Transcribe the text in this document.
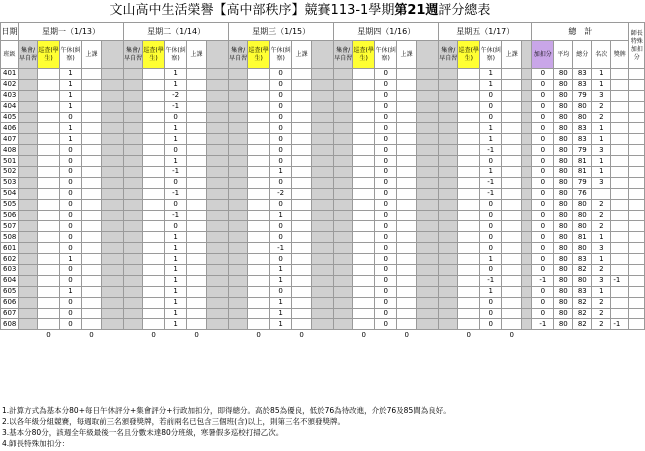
文山高中生活榮譽【高中部秩序】競賽113-1學期第21週評分總表
日期	星期一（1/13）					星期二（1/14）					星期三（1/15）					星期四（1/16）					星期五（1/17）					總　計					師長特殊加扣分
班級	集會/早自習	巡查(學生)	午休(糾察)	上課		集會/早自習	巡查(學生)	午休(糾察)	上課		集會/早自習	巡查(學生)	午休(糾察)	上課		集會/早自習	巡查(學生)	午休(糾察)	上課		集會/早自習	巡查(學生)	午休(糾察)	上課		加扣分	平均	總分	名次	獎牌	
401			1					1					0					0					1			0	80	83	1		
402			1					1					0					0					1			0	80	83	1		
403			1					-2					0					0					0			0	80	79	3		
404			1					-1					0					0					0			0	80	80	2		
405			0					0					0					0					0			0	80	80	2		
406			1					1					0					0					1			0	80	83	1		
407			1					1					0					0					1			0	80	83	1		
408			0					0					0					0					-1			0	80	79	3		
501			0					1					0					0					0			0	80	81	1		
502			0					-1					1					0					1			0	80	81	1		
503			0					0					0					0					-1			0	80	79	3		
504			0					-1					-2					0					-1			0	80	76			
505			0					0					0					0					0			0	80	80	2		
506			0					-1					1					0					0			0	80	80	2		
507			0					0					0					0					0			0	80	80	2		
508			0					1					0					0					0			0	80	81	1		
601			0					1					-1					0					0			0	80	80	3		
602			1					1					0					0					1			0	80	83	1		
603			0					1					1					0					0			0	80	82	2		
604			0					1					1					0					-1			-1	80	80	3	-1	
605			1					1					0					0					1			0	80	83	1		
606			0					1					1					0					0			0	80	82	2		
607			0					1					1					0					0			0	80	82	2		
608			0					1					1					0					0			-1	80	82	2	-1	
		0		0			0		0			0		0			0		0			0		0							
1.計算方式為基本分80+每日午休評分+集會評分+行政加扣分，即得總分。高於85為優良，低於76為待改進，介於76及85間為良好。
2.以各年級分組競賽，每週取前三名頒發獎牌，若前兩名已包含三個班(含)以上，則第三名不頒發獎牌。
3.基本分80分，該週全年級最後一名且分數未達80分班級，寒暑假多巡校打掃乙次。
4.師長特殊加扣分：
